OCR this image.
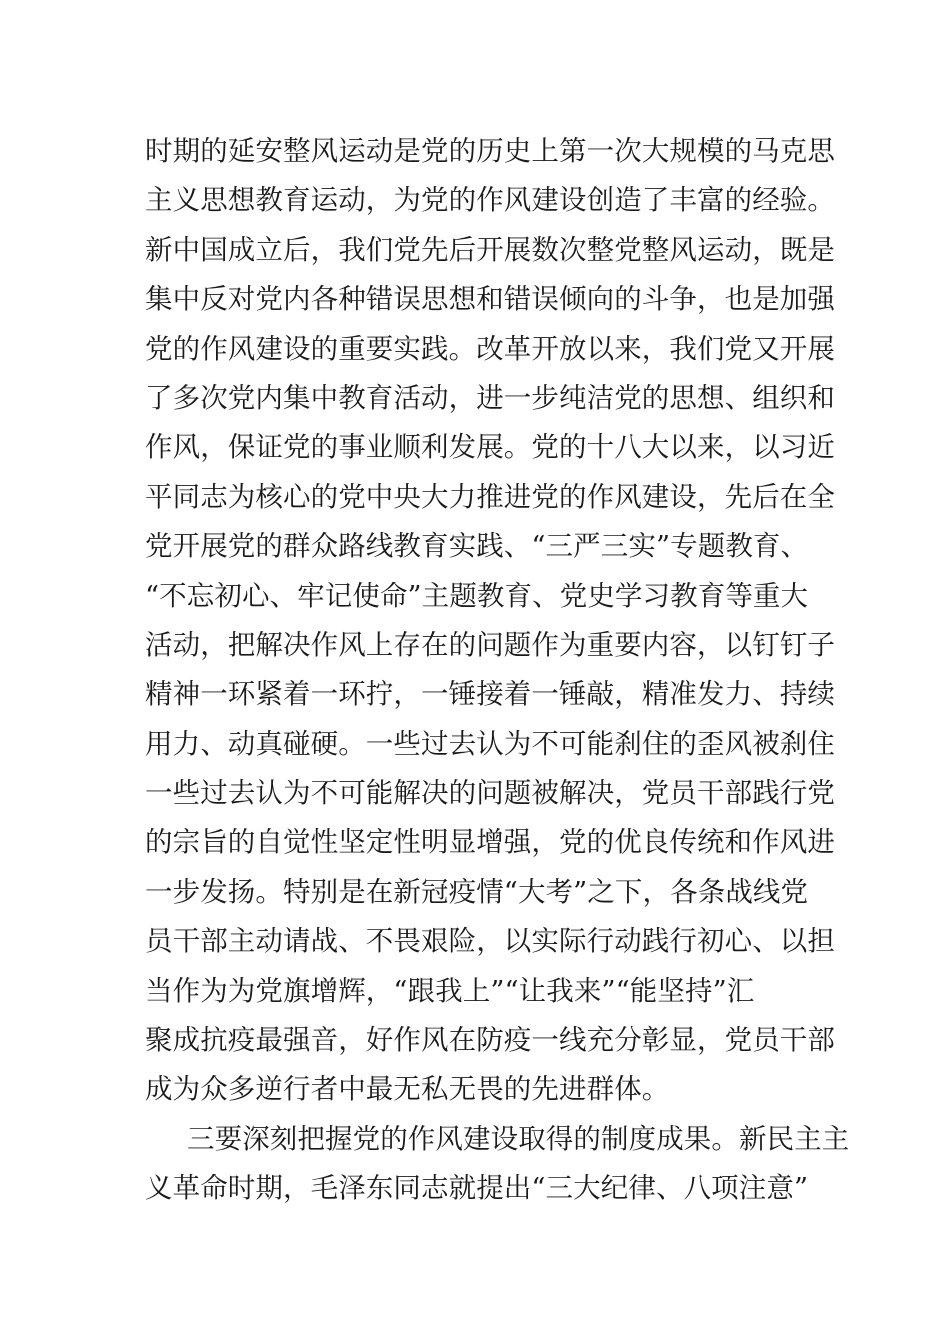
时期的延安整风运动是党的历史上第一次大规模的马克思
主义思想教育运动，为党的作风建设创造了丰富的经验。
新中国成立后，我们党先后开展数次整党整风运动，既是
集中反对党内各种错误思想和错误倾向的斗争，也是加强
党的作风建设的重要实践。改革开放以来，我们党又开展
了多次党内集中教育活动，进一步纯洁党的思想、组织和
作风，保证党的事业顺利发展。党的十八大以来，以习近
平同志为核心的党中央大力推进党的作风建设，先后在全
党开展党的群众路线教育实践、“三严三实”专题教育、
“不忘初心、牢记使命”主题教育、党史学习教育等重大
活动，把解决作风上存在的问题作为重要内容，以钉钉子
精神一环紧着一环拧，一锤接着一锤敲，精准发力、持续
用力、动真碰硬。一些过去认为不可能刹住的歪风被刹住
一些过去认为不可能解决的问题被解决，党员干部践行党
的宗旨的自觉性坚定性明显增强，党的优良传统和作风进
一步发扬。特别是在新冠疫情“大考”之下，各条战线党
员干部主动请战、不畏艰险，以实际行动践行初心、以担
当作为为党旗增辉，“跟我上”“让我来”“能坚持”汇
聚成抗疫最强音，好作风在防疫一线充分彰显，党员干部
成为众多逆行者中最无私无畏的先进群体。
三要深刻把握党的作风建设取得的制度成果。新民主主
义革命时期，毛泽东同志就提出“三大纪律、八项注意”
